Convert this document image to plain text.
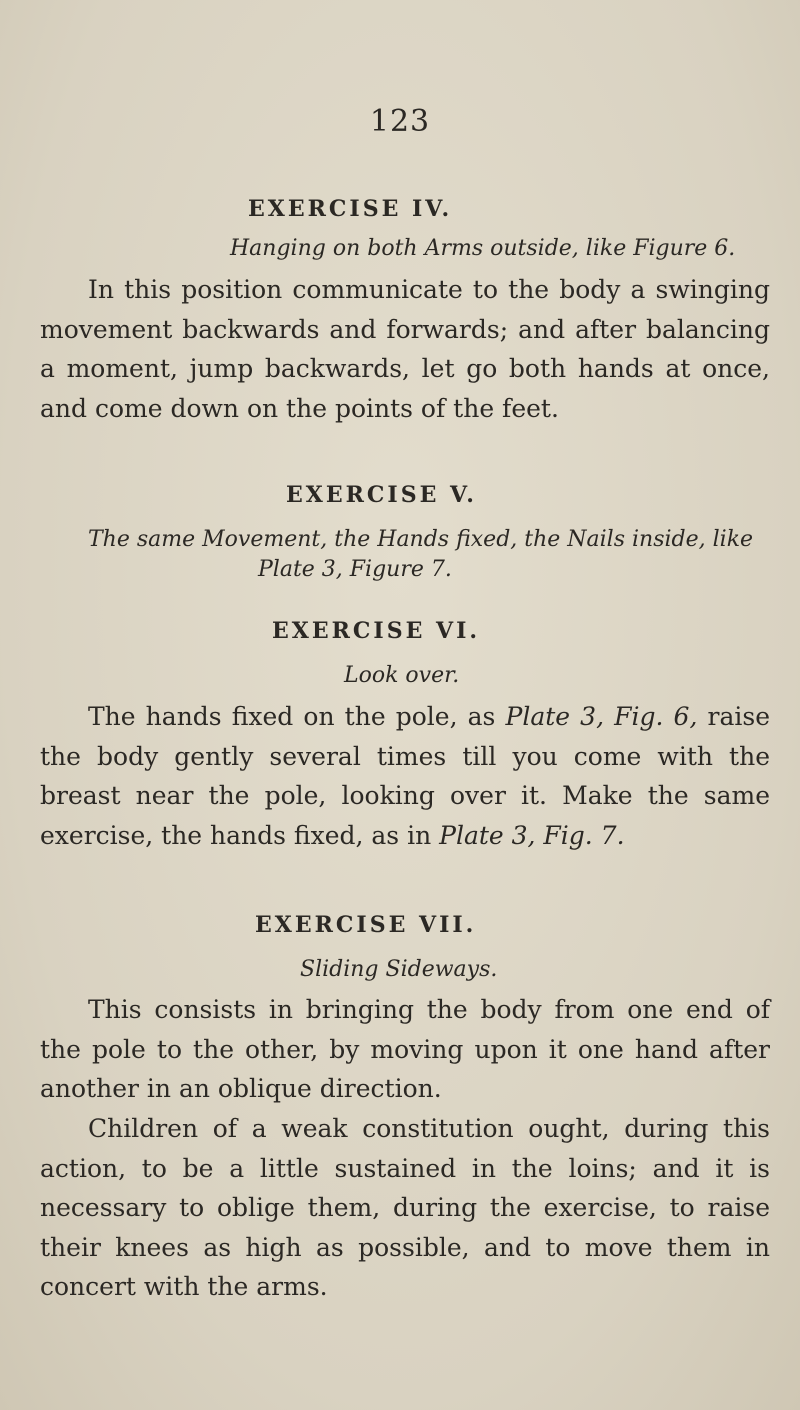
123
EXERCISE IV.
Hanging on both Arms outside, like Figure 6.
In this position communicate to the body a swinging movement backwards and forwards; and after balancing a moment, jump backwards, let go both hands at once, and come down on the points of the feet.
EXERCISE V.
The same Movement, the Hands fixed, the Nails inside, like
Plate 3, Figure 7.
EXERCISE VI.
Look over.
The hands fixed on the pole, as Plate 3, Fig. 6, raise the body gently several times till you come with the breast near the pole, looking over it. Make the same exercise, the hands fixed, as in Plate 3, Fig. 7.
EXERCISE VII.
Sliding Sideways.
This consists in bringing the body from one end of the pole to the other, by moving upon it one hand after another in an oblique direction.
Children of a weak constitution ought, during this action, to be a little sustained in the loins; and it is necessary to oblige them, during the exercise, to raise their knees as high as possible, and to move them in concert with the arms.
